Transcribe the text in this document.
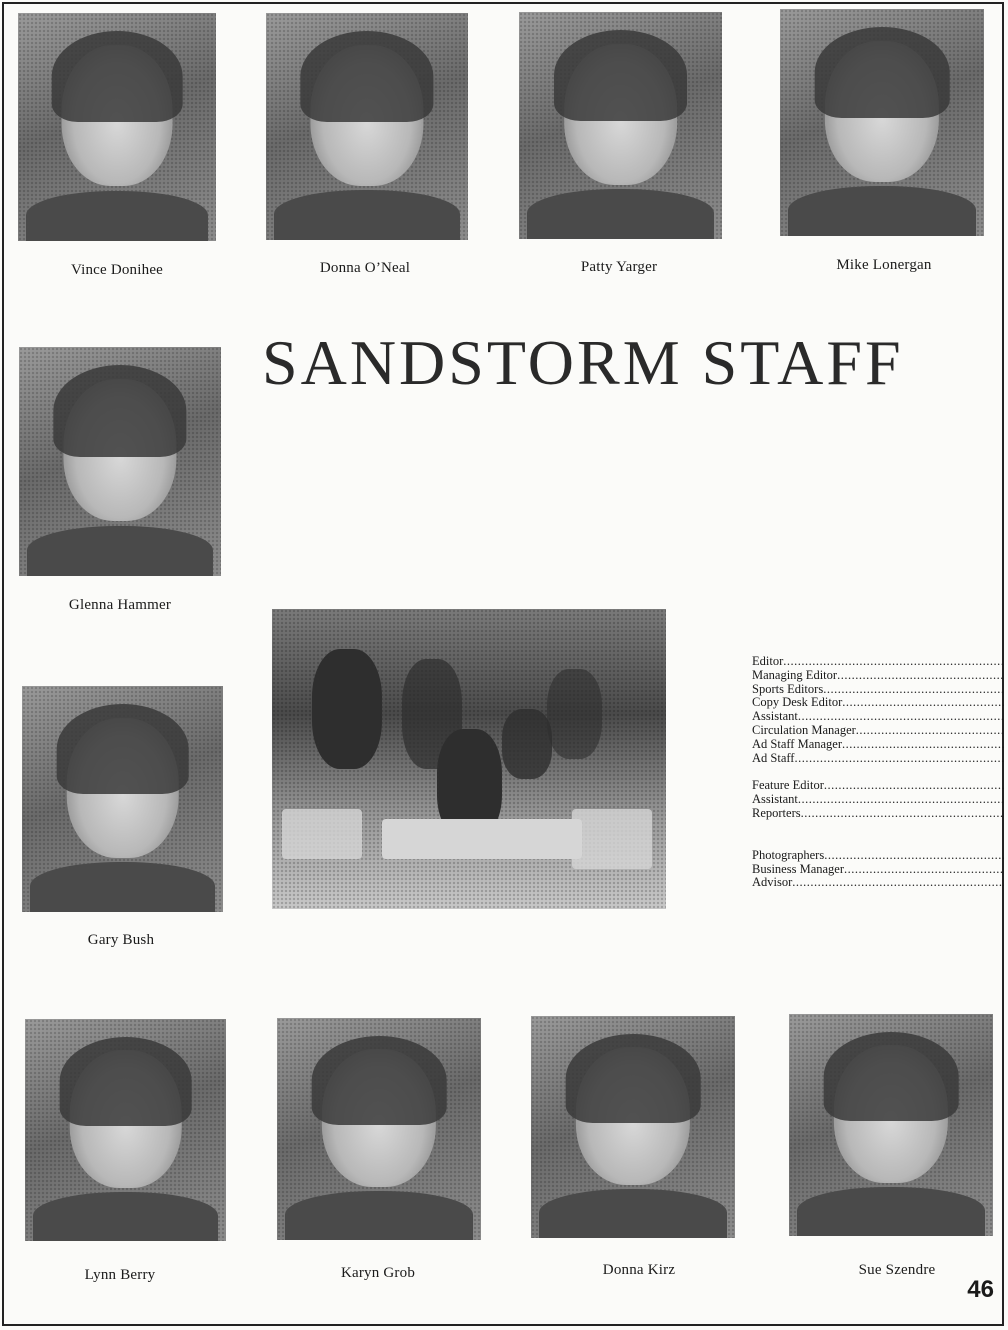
Vince Donihee	Donna O’Neal	Patty Yarger	Mike Lonergan
SANDSTORM STAFF
Glenna Hammer
Gary Bush
Editor .....
Managing Editor .....
Sports Editors .....
Copy Desk Editor .....
Assistant .....
Circulation Manager .....
Ad Staff Manager .....
Ad Staff .....
Feature Editor .....
Assistant .....
Reporters .....
Photographers .....
Business Manager .....
Advisor .....
Lynn Berry	Karyn Grob	Donna Kirz	Sue Szendre
46
